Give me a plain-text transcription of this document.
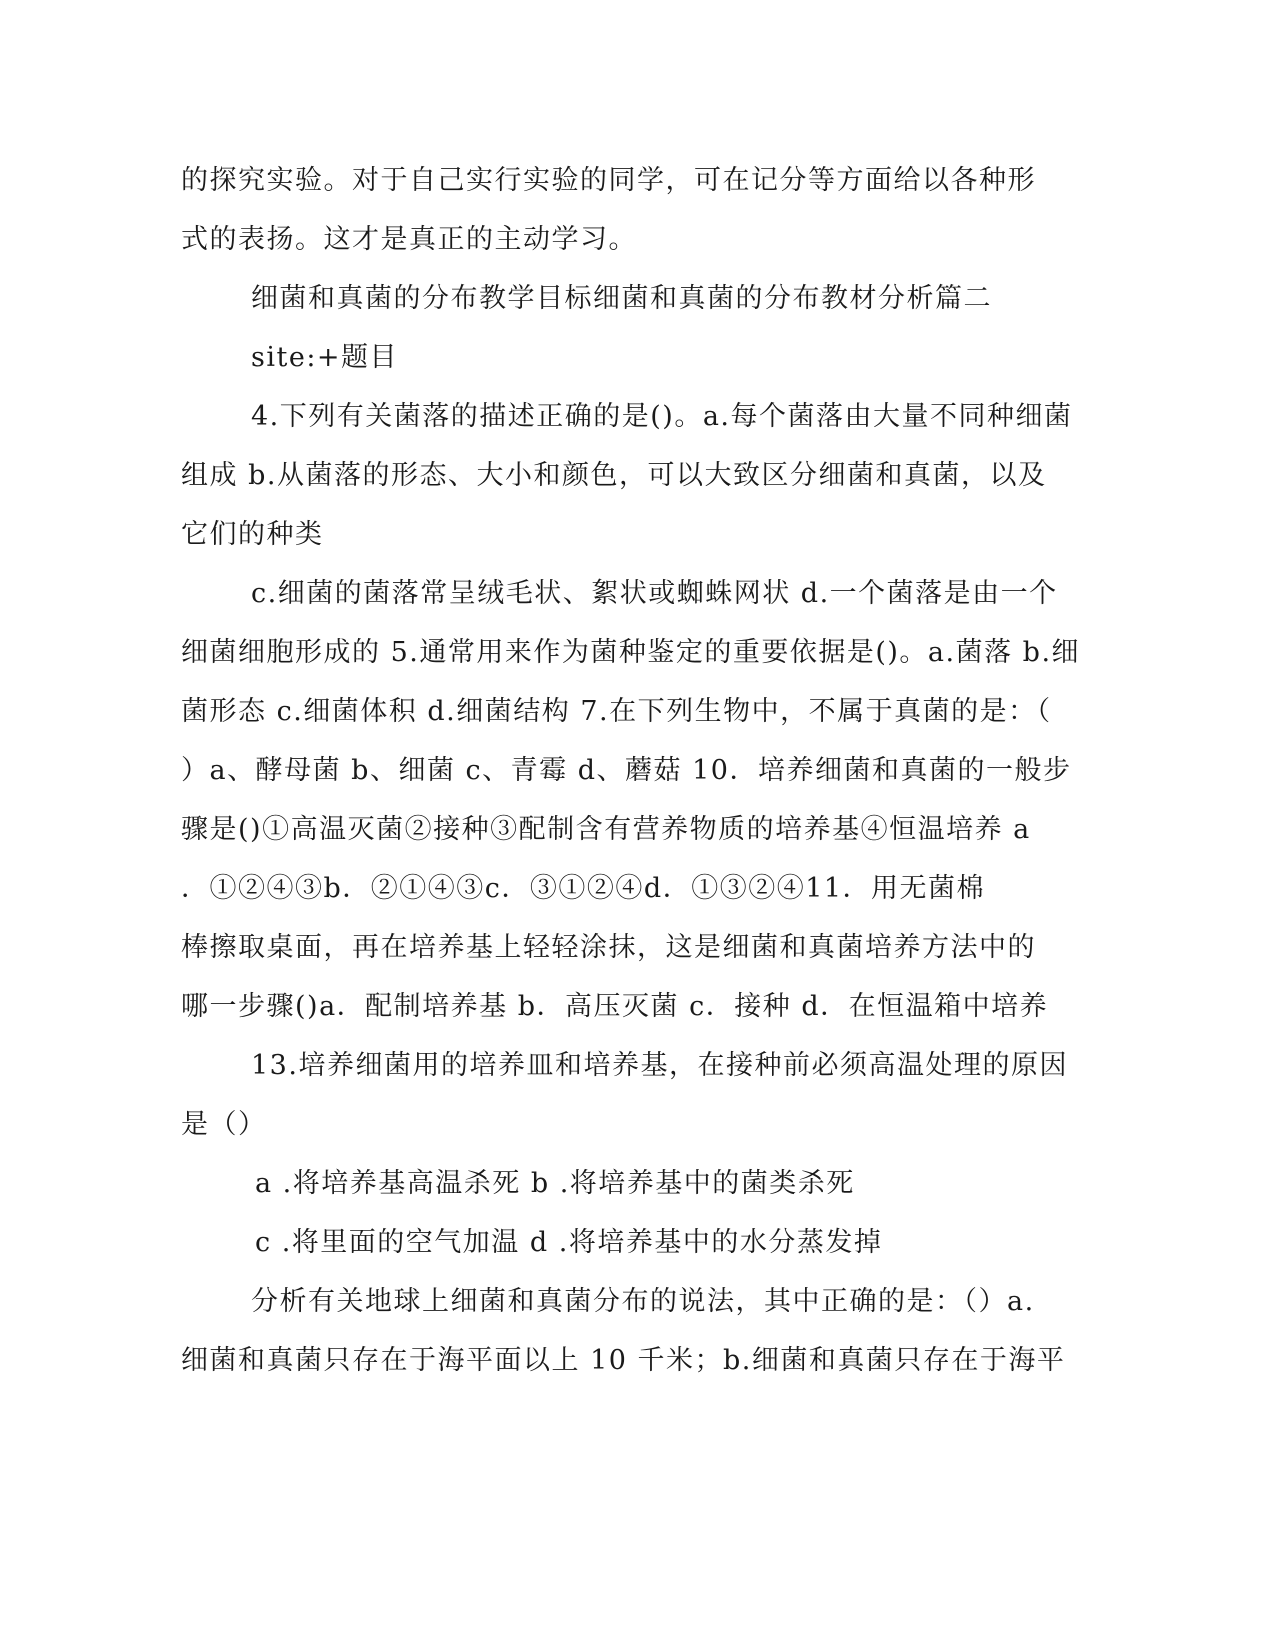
的探究实验。对于自己实行实验的同学，可在记分等方面给以各种形
式的表扬。这才是真正的主动学习。
细菌和真菌的分布教学目标细菌和真菌的分布教材分析篇二
site:+题目
4.下列有关菌落的描述正确的是()。a.每个菌落由大量不同种细菌
组成 b.从菌落的形态、大小和颜色，可以大致区分细菌和真菌，以及
它们的种类
c.细菌的菌落常呈绒毛状、絮状或蜘蛛网状 d.一个菌落是由一个
细菌细胞形成的 5.通常用来作为菌种鉴定的重要依据是()。a.菌落 b.细
菌形态 c.细菌体积 d.细菌结构 7.在下列生物中，不属于真菌的是：（
）a、酵母菌 b、细菌 c、青霉 d、蘑菇 10．培养细菌和真菌的一般步
骤是()①高温灭菌②接种③配制含有营养物质的培养基④恒温培养 a
．①②④③b．②①④③c．③①②④d．①③②④11．用无菌棉
棒擦取桌面，再在培养基上轻轻涂抹，这是细菌和真菌培养方法中的
哪一步骤()a．配制培养基 b．高压灭菌 c．接种 d．在恒温箱中培养
13.培养细菌用的培养皿和培养基，在接种前必须高温处理的原因
是（）
a .将培养基高温杀死 b .将培养基中的菌类杀死
c .将里面的空气加温 d .将培养基中的水分蒸发掉
分析有关地球上细菌和真菌分布的说法，其中正确的是：（）a.
细菌和真菌只存在于海平面以上 10 千米；b.细菌和真菌只存在于海平
